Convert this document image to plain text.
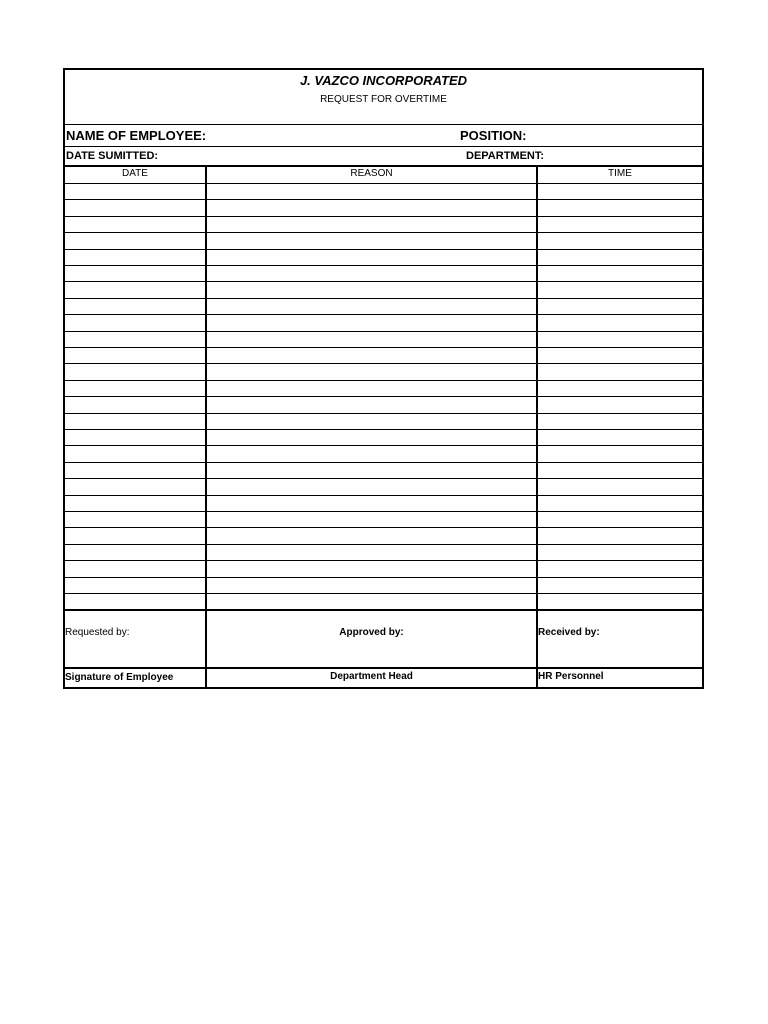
J. VAZCO INCORPORATED
REQUEST FOR OVERTIME
NAME OF EMPLOYEE:	POSITION:
DATE SUMITTED:	DEPARTMENT:
DATE	REASON	TIME
Requested by:	Approved by:	Received by:
Signature of Employee	Department Head	HR Personnel
